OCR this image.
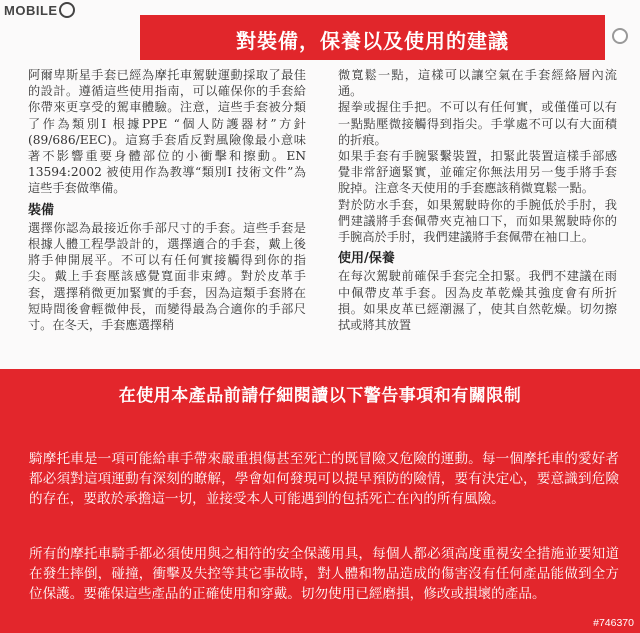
MOBILE
對裝備，保養以及使用的建議

阿爾卑斯星手套已經為摩托車駕駛運動採取了最佳的設計。遵循這些使用指南，可以確保你的手套給你帶來更享受的駕車體驗。注意，這些手套被分類了作為類別I 根據PPE “個人防護器材”方針(89/686/EEC)。這寫手套盾反對風險像最小意味著不影響重要身體部位的小衝擊和擦動。EN 13594:2002 被使用作為教導“類別I 技術文件”為這些手套做準備。

裝備

選擇你認為最接近你手部尺寸的手套。這些手套是根據人體工程學設計的，選擇適合的手套，戴上後將手伸開展平。不可以有任何實接觸得到你的指尖。戴上手套壓該感覺寬面非束縛。對於皮革手套，選擇稍微更加緊實的手套，因為這類手套將在短時間後會輕微伸長，而變得最為合適你的手部尺寸。在冬天，手套應選擇稍

微寬鬆一點，這樣可以讓空氣在手套經絡層內流通。

握拳或握住手把。不可以有任何實，或僅僅可以有一點點壓微接觸得到指尖。手掌處不可以有大面積的折痕。

如果手套有手腕緊繫裝置，扣緊此裝置這樣手部感覺非常舒適緊實，並確定你無法用另一隻手將手套脫掉。注意冬天使用的手套應該稍微寬鬆一點。

對於防水手套，如果駕駛時你的手腕低於手肘，我們建議將手套佩帶夾克袖口下，而如果駕駛時你的手腕高於手肘，我們建議將手套佩帶在袖口上。

使用/保養

在每次駕駛前確保手套完全扣緊。我們不建議在雨中佩帶皮革手套。因為皮革乾燥其強度會有所折損。如果皮革已經潮濕了，使其自然乾燥。切勿擦拭或將其放置

在使用本產品前請仔細閱讀以下警告事項和有關限制
騎摩托車是一項可能給車手帶來嚴重損傷甚至死亡的既冒險又危險的運動。每一個摩托車的愛好者都必須對這項運動有深刻的瞭解，學會如何發現可以提早預防的險情，要有決定心，要意識到危險的存在，要敢於承擔這一切，並接受本人可能遇到的包括死亡在內的所有風險。
所有的摩托車騎手都必須使用與之相符的安全保護用具，每個人都必須高度重視安全措施並要知道在發生摔倒，碰撞，衝擊及失控等其它事故時，對人體和物品造成的傷害沒有任何產品能做到全方位保護。要確保這些產品的正確使用和穿戴。切勿使用已經磨損，修改或損壞的產品。
#746370
